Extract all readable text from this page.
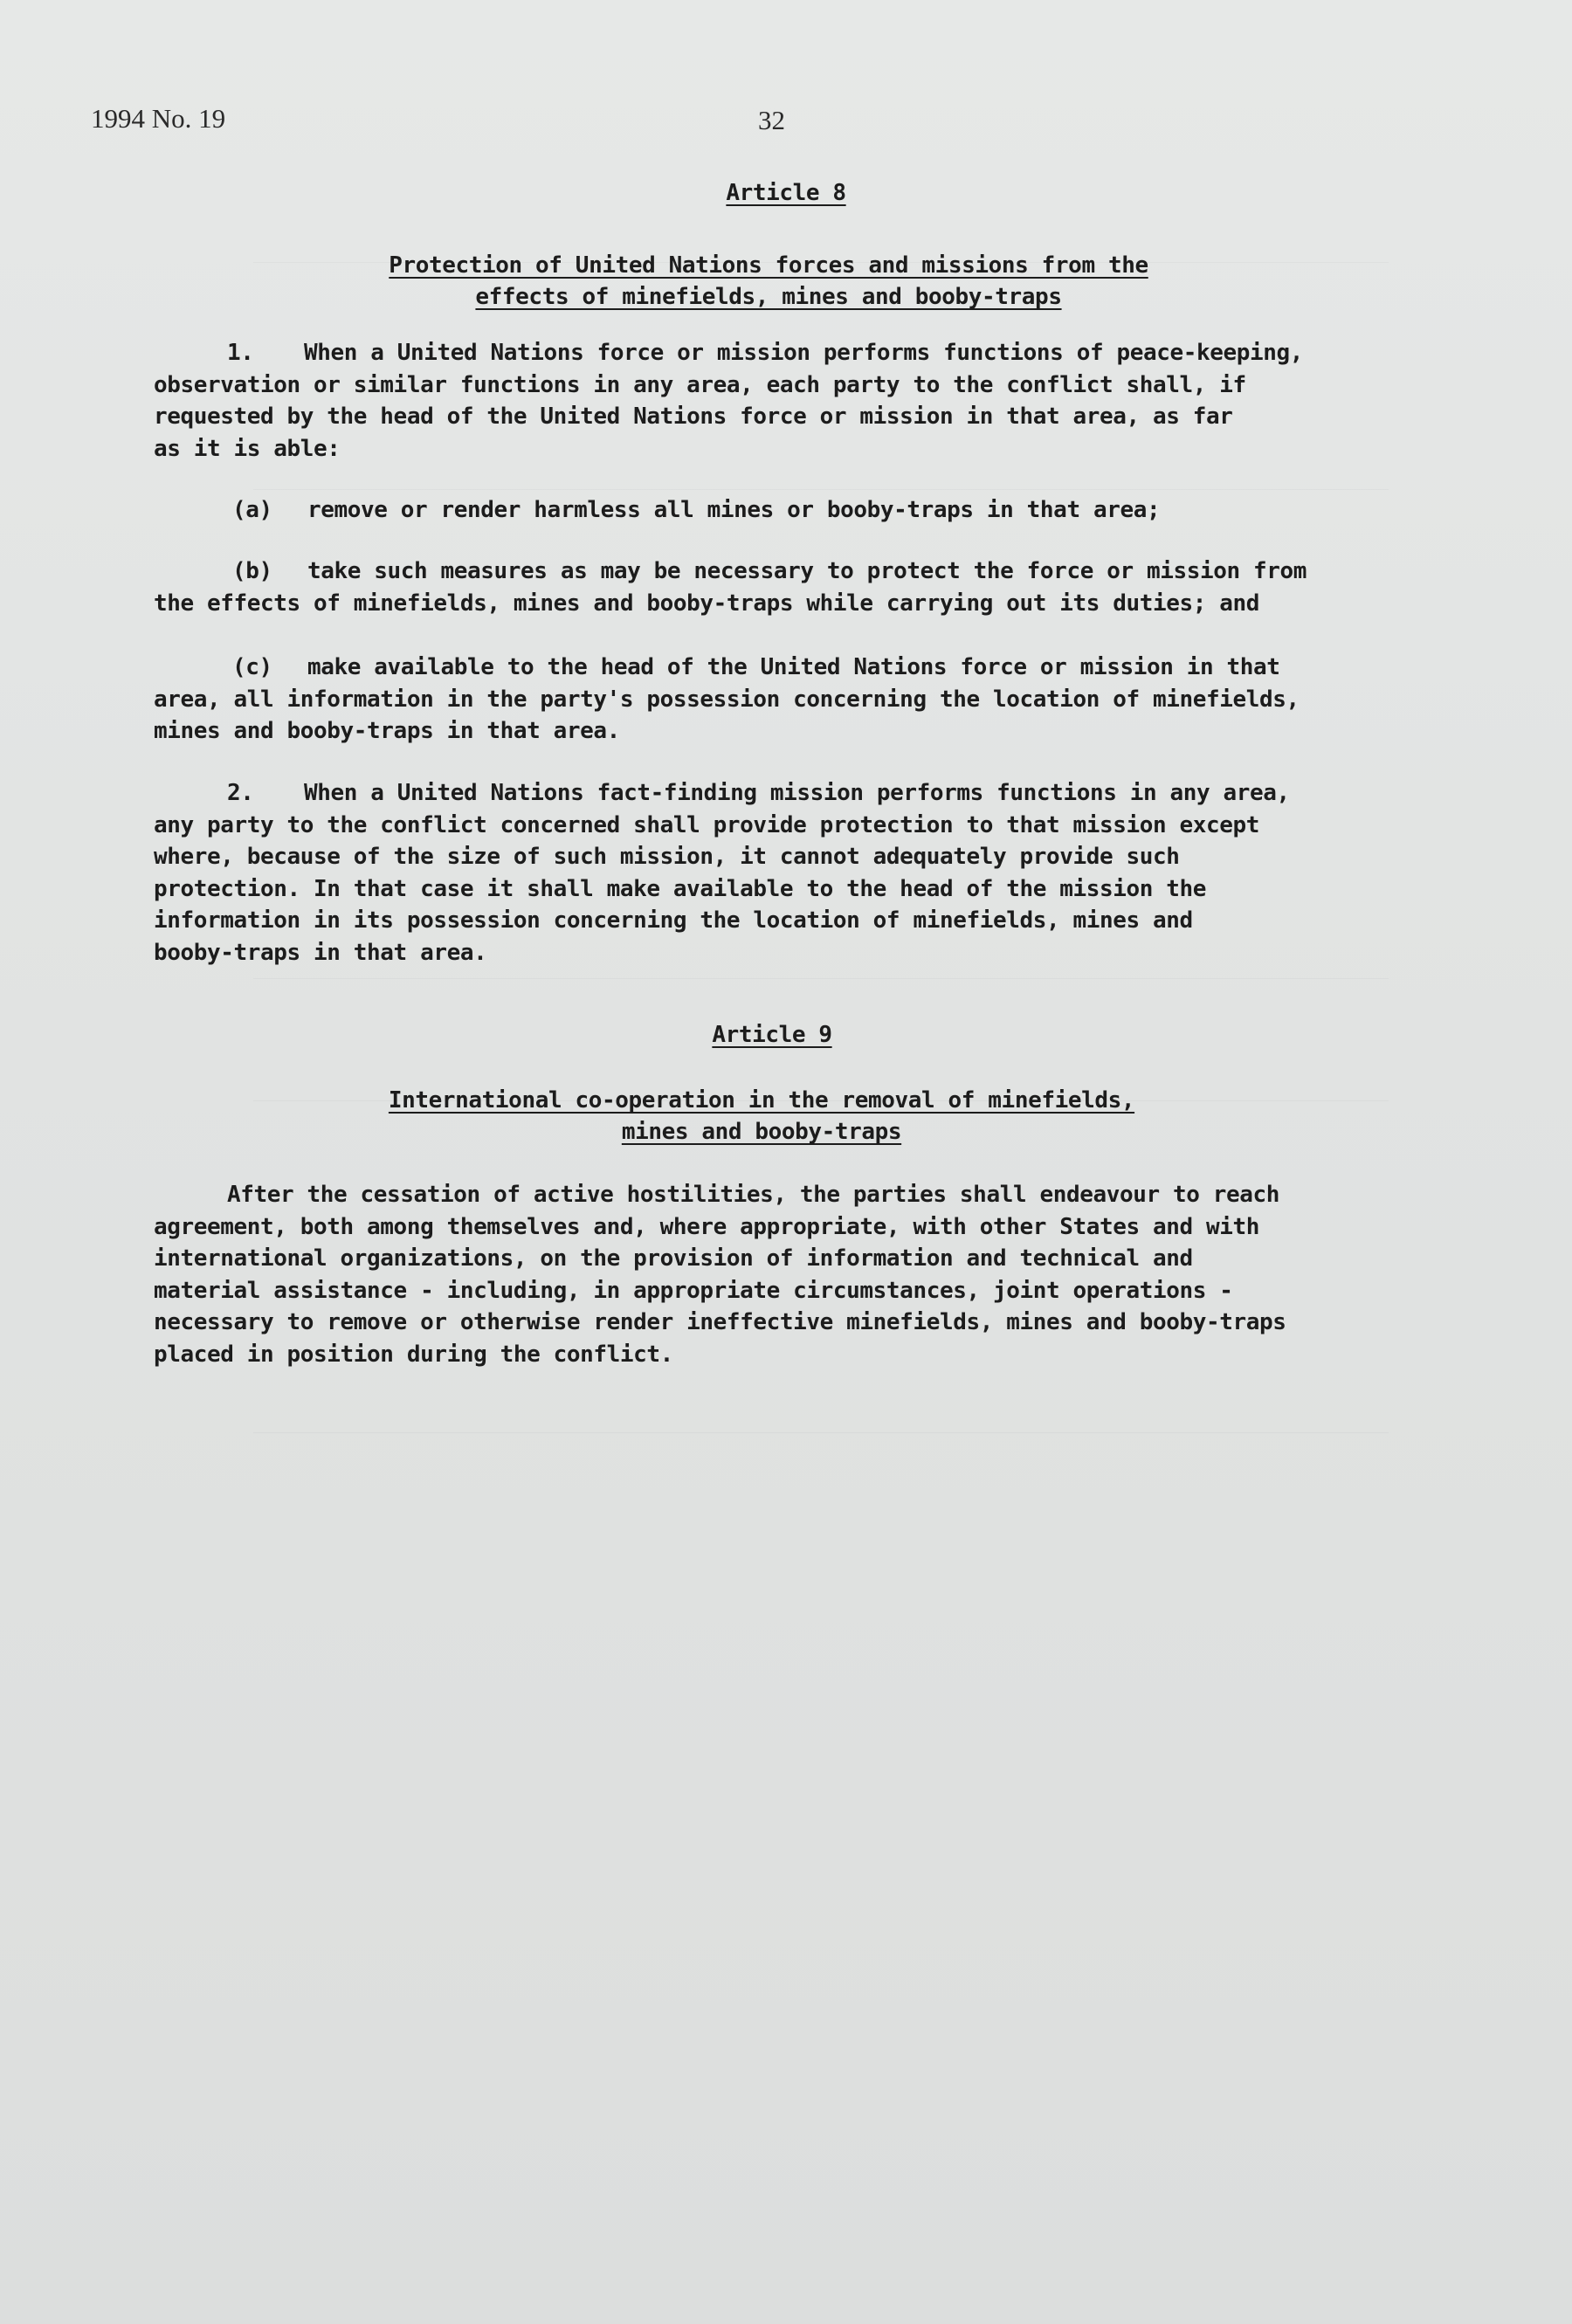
1994 No. 19	32
Article 8
Protection of United Nations forces and missions from the
effects of minefields, mines and booby-traps
1. When a United Nations force or mission performs functions of peace-keeping,
observation or similar functions in any area, each party to the conflict shall, if
requested by the head of the United Nations force or mission in that area, as far
as it is able:
(a) remove or render harmless all mines or booby-traps in that area;
(b) take such measures as may be necessary to protect the force or mission from
the effects of minefields, mines and booby-traps while carrying out its duties; and
(c) make available to the head of the United Nations force or mission in that
area, all information in the party's possession concerning the location of minefields,
mines and booby-traps in that area.
2. When a United Nations fact-finding mission performs functions in any area,
any party to the conflict concerned shall provide protection to that mission except
where, because of the size of such mission, it cannot adequately provide such
protection. In that case it shall make available to the head of the mission the
information in its possession concerning the location of minefields, mines and
booby-traps in that area.
Article 9
International co-operation in the removal of minefields,
mines and booby-traps
After the cessation of active hostilities, the parties shall endeavour to reach
agreement, both among themselves and, where appropriate, with other States and with
international organizations, on the provision of information and technical and
material assistance - including, in appropriate circumstances, joint operations -
necessary to remove or otherwise render ineffective minefields, mines and booby-traps
placed in position during the conflict.
